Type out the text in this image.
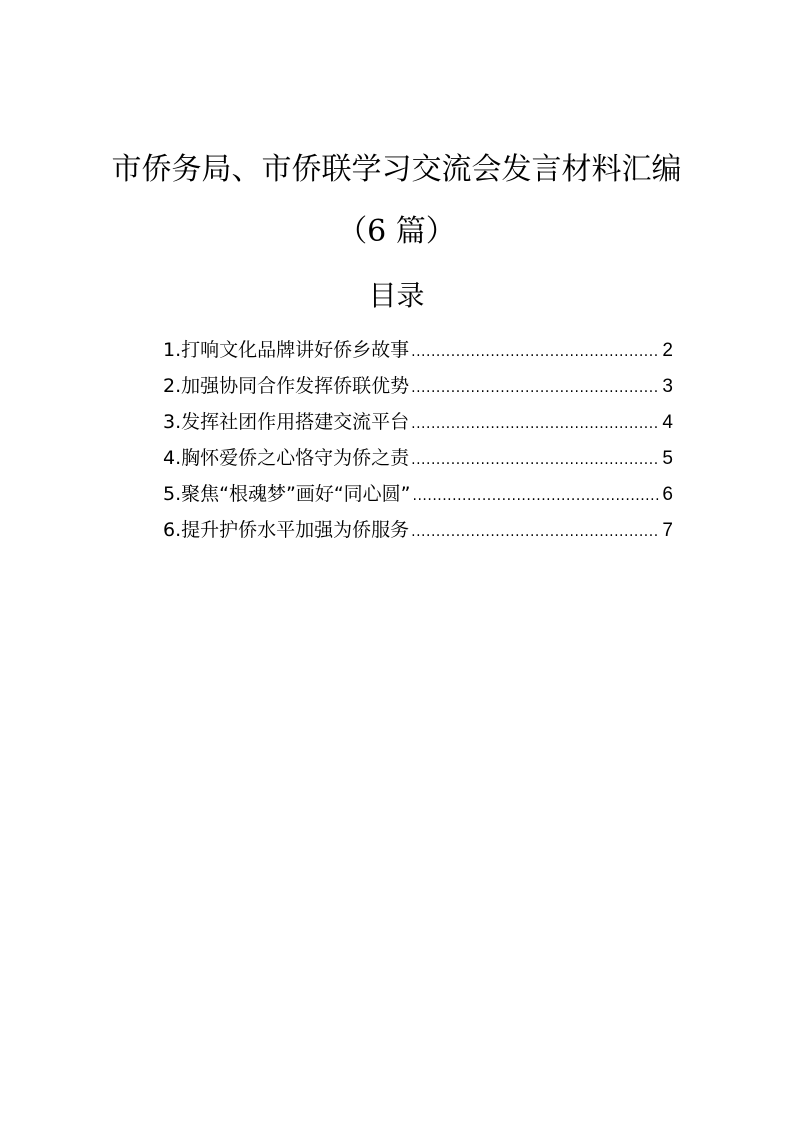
市侨务局、市侨联学习交流会发言材料汇编
（6 篇）
目录
1.打响文化品牌讲好侨乡故事 .....	2
2.加强协同合作发挥侨联优势 .....	3
3.发挥社团作用搭建交流平台 .....	4
4.胸怀爱侨之心恪守为侨之责 .....	5
5.聚焦“根魂梦”画好“同心圆” .....	6
6.提升护侨水平加强为侨服务 .....	7
